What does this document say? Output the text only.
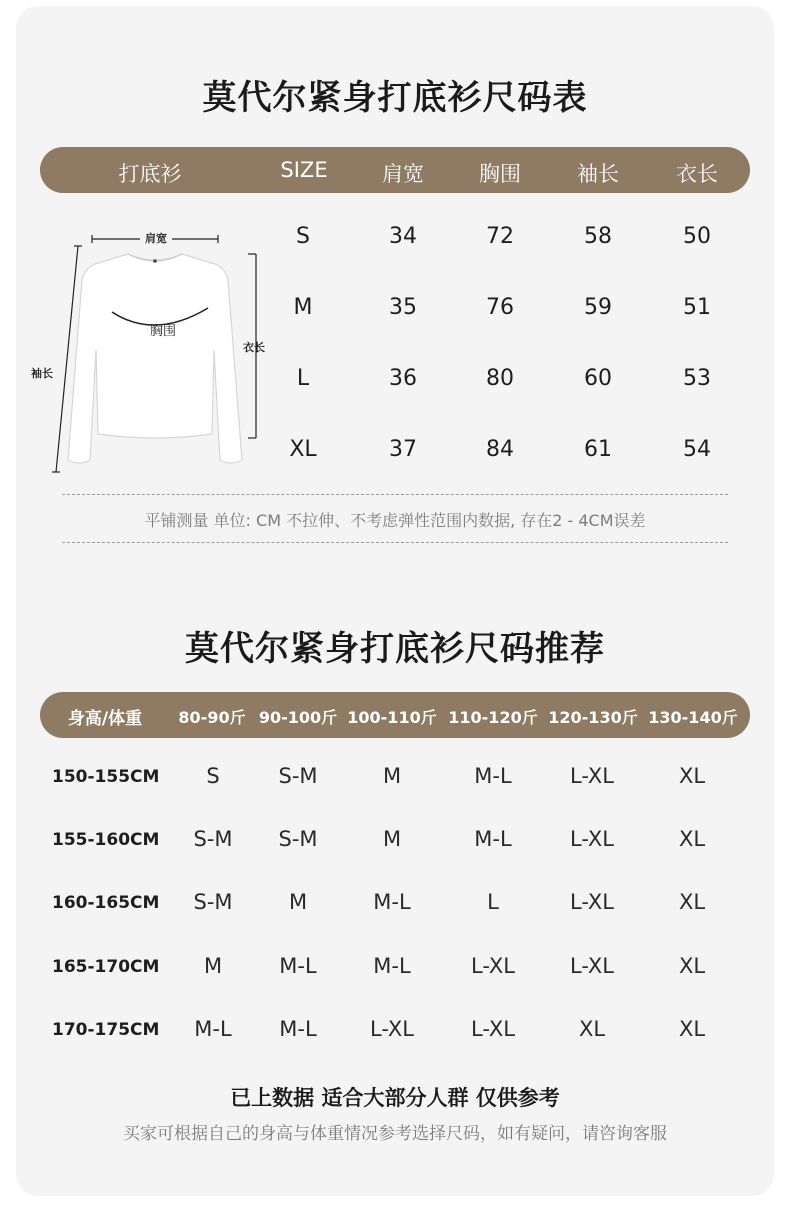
莫代尔紧身打底衫尺码表
打底衫	SIZE	肩宽	胸围	袖长	衣长
肩宽
胸围
袖长
衣长
S	34	72	58	50
M	35	76	59	51
L	36	80	60	53
XL	37	84	61	54
平铺测量 单位: CM 不拉伸、不考虑弹性范围内数据, 存在2 - 4CM误差
莫代尔紧身打底衫尺码推荐
身高/体重	80-90斤 90-100斤 100-110斤 110-120斤 120-130斤 130-140斤
150-155CM	S	S-M	M	M-L	L-XL	XL
155-160CM	S-M	S-M	M	M-L	L-XL	XL
160-165CM	S-M	M	M-L	L	L-XL	XL
165-170CM	M	M-L	M-L	L-XL	L-XL	XL
170-175CM	M-L	M-L	L-XL	L-XL	XL	XL
已上数据 适合大部分人群 仅供参考
买家可根据自己的身高与体重情况参考选择尺码，如有疑问，请咨询客服
